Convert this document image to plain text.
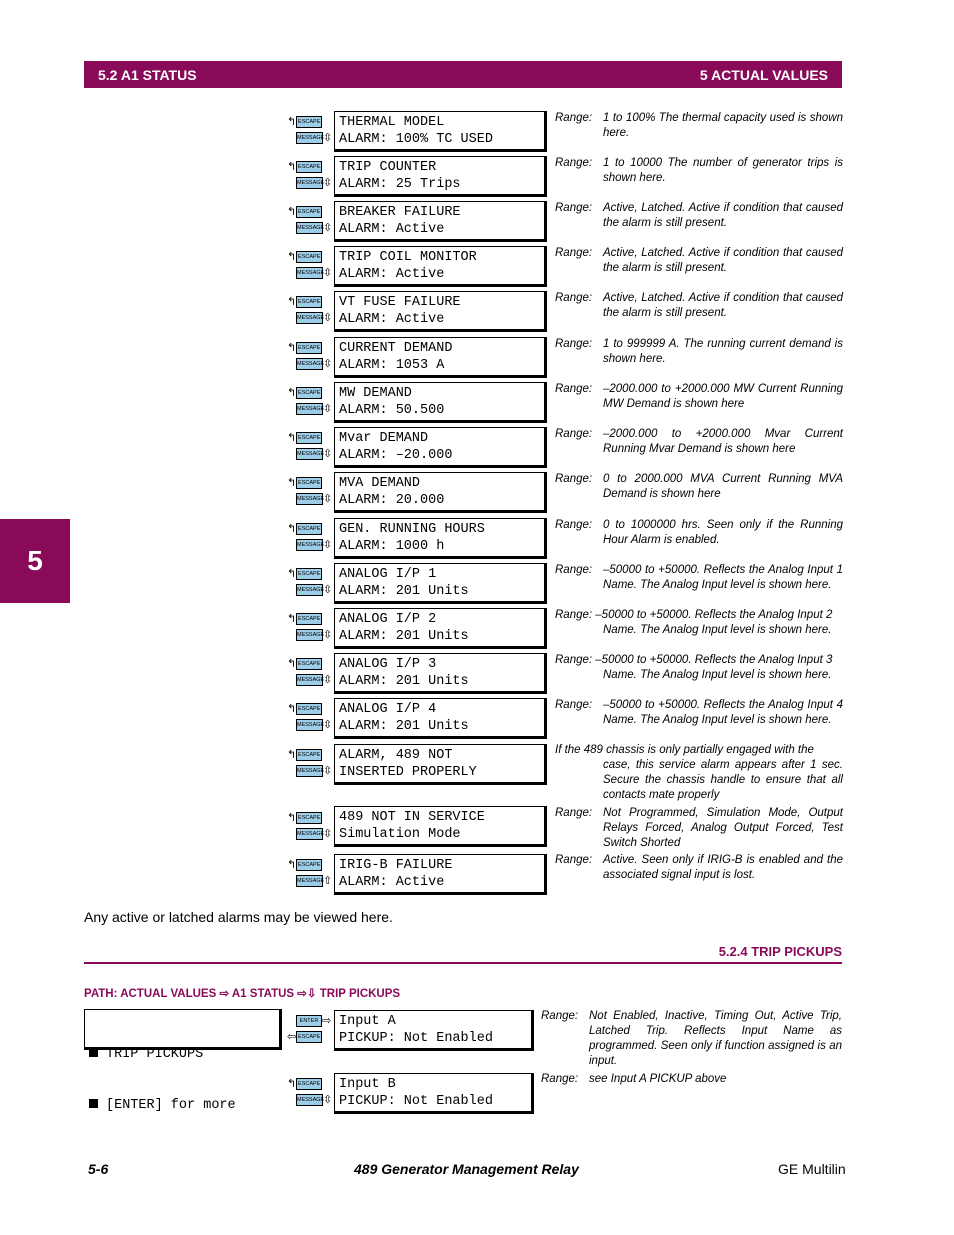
5.2 A1 STATUS	5 ACTUAL VALUES
5
↰ ESCAPE
MESSAGE
⇳
THERMAL MODEL
ALARM: 100% TC USED
Range: 1 to 100% The thermal capacity used is shown here.
↰ ESCAPE
MESSAGE
⇳
TRIP COUNTER
ALARM: 25 Trips
Range: 1 to 10000 The number of generator trips is shown here.
↰ ESCAPE
MESSAGE
⇳
BREAKER FAILURE
ALARM: Active
Range: Active, Latched. Active if condition that caused the alarm is still present.
↰ ESCAPE
MESSAGE
⇳
TRIP COIL MONITOR
ALARM: Active
Range: Active, Latched. Active if condition that caused the alarm is still present.
↰ ESCAPE
MESSAGE
⇳
VT FUSE FAILURE
ALARM: Active
Range: Active, Latched. Active if condition that caused the alarm is still present.
↰ ESCAPE
MESSAGE
⇳
CURRENT DEMAND
ALARM: 1053 A
Range: 1 to 999999 A. The running current demand is shown here.
↰ ESCAPE
MESSAGE
⇳
MW DEMAND
ALARM: 50.500
Range: –2000.000 to +2000.000 MW Current Running MW Demand is shown here
↰ ESCAPE
MESSAGE
⇳
Mvar DEMAND
ALARM: –20.000
Range: –2000.000 to +2000.000 Mvar Current Running Mvar Demand is shown here
↰ ESCAPE
MESSAGE
⇳
MVA DEMAND
ALARM: 20.000
Range: 0 to 2000.000 MVA Current Running MVA Demand is shown here
↰ ESCAPE
MESSAGE
⇳
GEN. RUNNING HOURS
ALARM: 1000 h
Range: 0 to 1000000 hrs. Seen only if the Running Hour Alarm is enabled.
↰ ESCAPE
MESSAGE
⇳
ANALOG I/P 1
ALARM: 201 Units
Range: –50000 to +50000. Reflects the Analog Input 1 Name. The Analog Input level is shown here.
↰ ESCAPE
MESSAGE
⇳
ANALOG I/P 2
ALARM: 201 Units
Range: –50000 to +50000. Reflects the Analog Input 2
Name. The Analog Input level is shown here.
↰ ESCAPE
MESSAGE
⇳
ANALOG I/P 3
ALARM: 201 Units
Range: –50000 to +50000. Reflects the Analog Input 3
Name. The Analog Input level is shown here.
↰ ESCAPE
MESSAGE
⇳
ANALOG I/P 4
ALARM: 201 Units
Range: –50000 to +50000. Reflects the Analog Input 4 Name. The Analog Input level is shown here.
↰ ESCAPE
MESSAGE
⇳
ALARM, 489 NOT
INSERTED PROPERLY
If the 489 chassis is only partially engaged with the
case, this service alarm appears after 1 sec. Secure the chassis handle to ensure that all contacts mate properly
↰ ESCAPE
MESSAGE
⇳
489 NOT IN SERVICE
Simulation Mode
Range: Not Programmed, Simulation Mode, Output Relays Forced, Analog Output Forced, Test Switch Shorted
↰ ESCAPE
MESSAGE
⇧
IRIG-B FAILURE
ALARM: Active
Range: Active. Seen only if IRIG-B is enabled and the associated signal input is lost.
Any active or latched alarms may be viewed here.
5.2.4 TRIP PICKUPS
PATH: ACTUAL VALUES ⇨ A1 STATUS ⇨⇩ TRIP PICKUPS

TRIP PICKUPS

[ENTER] for more

ENTER ⇨
⇦ ESCAPE
Input A
PICKUP: Not Enabled
Range: Not Enabled, Inactive, Timing Out, Active Trip, Latched Trip. Reflects Input Name as programmed. Seen only if function assigned is an input.
↰ ESCAPE
MESSAGE
⇳
Input B
PICKUP: Not Enabled
Range: see Input A PICKUP above
5-6	489 Generator Management Relay	GE Multilin
